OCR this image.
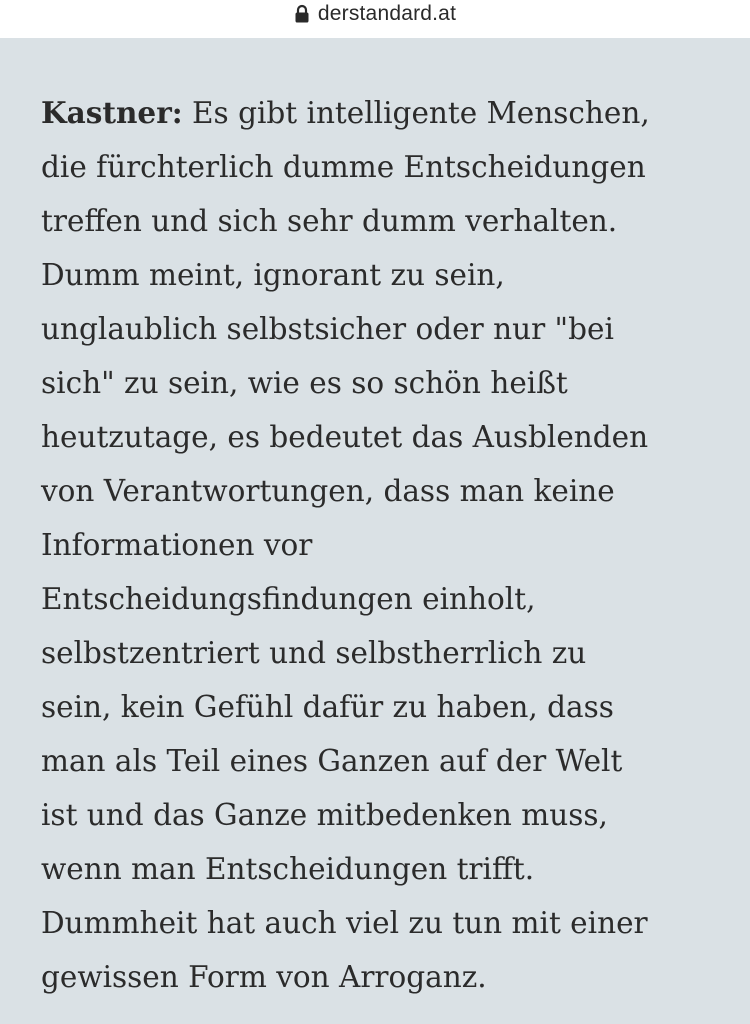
derstandard.at

Kastner: Es gibt intelligente Menschen,
die fürchterlich dumme Entscheidungen
treffen und sich sehr dumm verhalten.
Dumm meint, ignorant zu sein,
unglaublich selbstsicher oder nur "bei
sich" zu sein, wie es so schön heißt
heutzutage, es bedeutet das Ausblenden
von Verantwortungen, dass man keine
Informationen vor
Entscheidungsfindungen einholt,
selbstzentriert und selbstherrlich zu
sein, kein Gefühl dafür zu haben, dass
man als Teil eines Ganzen auf der Welt
ist und das Ganze mitbedenken muss,
wenn man Entscheidungen trifft.
Dummheit hat auch viel zu tun mit einer
gewissen Form von Arroganz.
